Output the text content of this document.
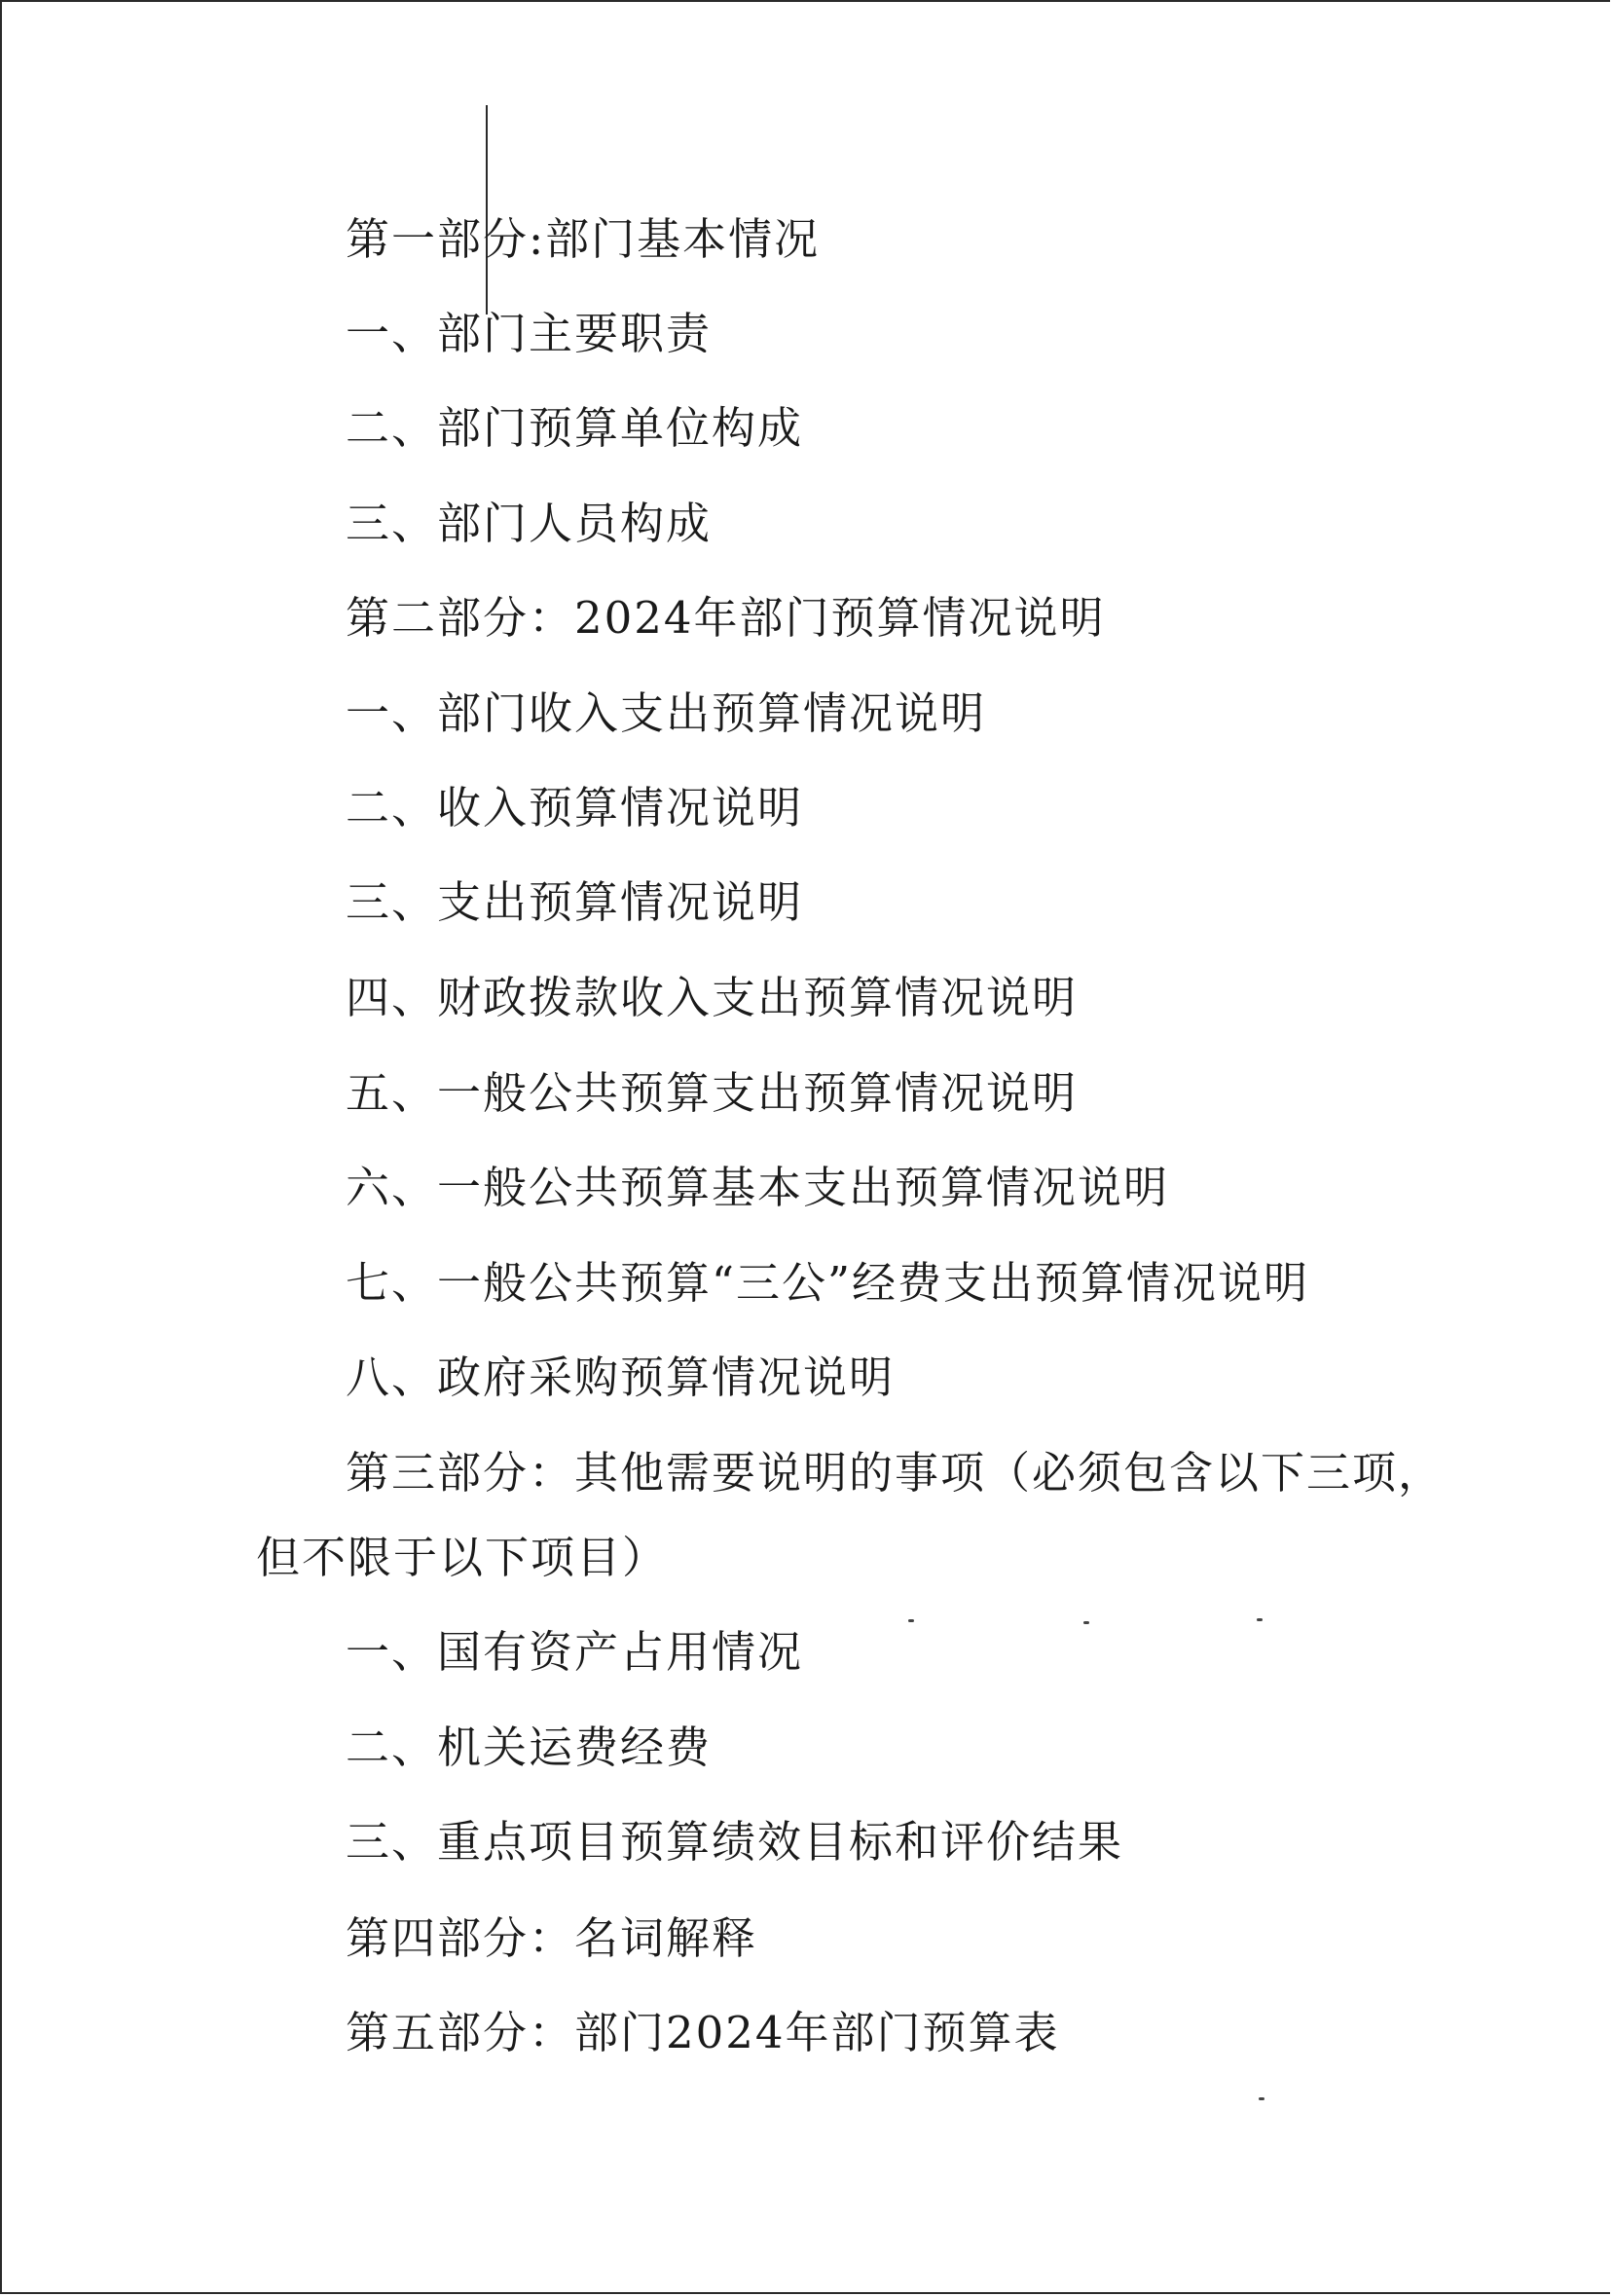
第一部分:部门基本情况
一、部门主要职责
二、部门预算单位构成
三、部门人员构成
第二部分：2024年部门预算情况说明
一、部门收入支出预算情况说明
二、收入预算情况说明
三、支出预算情况说明
四、财政拨款收入支出预算情况说明
五、一般公共预算支出预算情况说明
六、一般公共预算基本支出预算情况说明
七、一般公共预算“三公”经费支出预算情况说明
八、政府采购预算情况说明
第三部分：其他需要说明的事项（必须包含以下三项，
但不限于以下项目）
一、国有资产占用情况
二、机关运费经费
三、重点项目预算绩效目标和评价结果
第四部分：名词解释
第五部分：部门2024年部门预算表
